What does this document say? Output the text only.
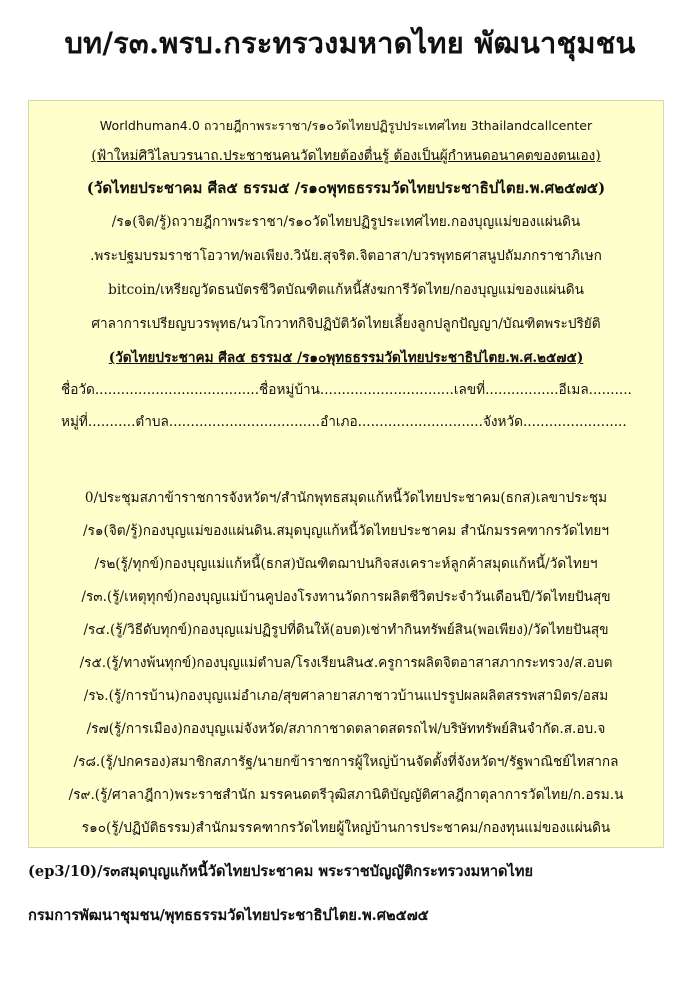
บท/ร๓.พรบ.กระทรวงมหาดไทย พัฒนาชุมชน
Worldhuman4.0 ถวายฎีกาพระราชา/ร๑๐วัดไทยปฏิรูปประเทศไทย 3thailandcallcenter
(ฟ้าใหม่ศิวิไลบวรนาถ.ประชาชนคนวัดไทยต้องตื่นรู้ ต้องเป็นผู้กำหนดอนาคตของตนเอง)
(วัดไทยประชาคม ศีล๕ ธรรม๕ /ร๑๐พุทธธรรมวัดไทยประชาธิปไตย.พ.ศ๒๕๗๕)
/ร๑(จิต/รู้)ถวายฎีกาพระราชา/ร๑๐วัดไทยปฏิรูประเทศไทย.กองบุญแม่ของแผ่นดิน
.พระปฐมบรมราชาโอวาท/พอเพียง.วินัย.สุจริต.จิตอาสา/บวรพุทธศาสนูปถัมภกราชาภิเษก
bitcoin/เหรียญวัดธนบัตรชีวิตบัณฑิตแก้หนี้สังฆการีวัดไทย/กองบุญแม่ของแผ่นดิน
ศาลาการเปรียญบวรพุทธ/นวโกวาทกิจิปฏิบัติวัดไทยเลี้ยงลูกปลูกปัญญา/บัณฑิตพระปริยัติ
(วัดไทยประชาคม ศีล๕ ธรรม๕ /ร๑๐พุทธธรรมวัดไทยประชาธิปไตย.พ.ศ.๒๕๗๕)
ชื่อวัด......................................ชื่อหมู่บ้าน...............................เลขที่.................อีเมล..........
หมู่ที่...........ตำบล...................................อำเภอ.............................จังหวัด........................
0/ประชุมสภาข้าราชการจังหวัดฯ/สำนักพุทธสมุดแก้หนี้วัดไทยประชาคม(ธกส)เลขาประชุม
/ร๑(จิต/รู้)กองบุญแม่ของแผ่นดิน.สมุดบุญแก้หนี้วัดไทยประชาคม สำนักมรรคฑากรวัดไทยฯ
/ร๒(รู้/ทุกข์)กองบุญแม่แก้หนี้(ธกส)บัณฑิตฌาปนกิจสงเคราะห์ลูกค้าสมุดแก้หนี้/วัดไทยฯ
/ร๓.(รู้/เหตุทุกข์)กองบุญแม่บ้านคูปองโรงทานวัดการผลิตชีวิตประจำวันเดือนปี/วัดไทยปันสุข
/ร๔.(รู้/วิธีดับทุกข์)กองบุญแม่ปฏิรูปที่ดินให้(อบต)เช่าทำกินทรัพย์สิน(พอเพียง)/วัดไทยปันสุข
/ร๕.(รู้/ทางพ้นทุกข์)กองบุญแม่ตำบล/โรงเรียนสิน๕.ครูการผลิตจิตอาสาสภากระทรวง/ส.อบต
/ร๖.(รู้/การบ้าน)กองบุญแม่อำเภอ/สุขศาลายาสภาชาวบ้านแปรรูปผลผลิตสรรพสามิตร/อสม
/ร๗(รู้/การเมือง)กองบุญแม่จังหวัด/สภากาชาดตลาดสดรถไฟ/บริษัททรัพย์สินจำกัด.ส.อบ.จ
/ร๘.(รู้/ปกครอง)สมาชิกสภารัฐ/นายกข้าราชการผู้ใหญ่บ้านจัดตั้งที่จังหวัดฯ/รัฐพาณิชย์ไทสากล
/ร๙.(รู้/ศาลาฎีกา)พระราชสำนัก มรรคนดตรีวุฒิสภานิติบัญญัติศาลฎีกาตุลาการวัดไทย/ก.อรม.น
ร๑๐(รู้/ปฏิบัติธรรม)สำนักมรรคฑากรวัดไทยผู้ใหญ่บ้านการประชาคม/กองทุนแม่ของแผ่นดิน
(ep3/10)/ร๓สมุดบุญแก้หนี้วัดไทยประชาคม พระราชบัญญัติกระทรวงมหาดไทย
กรมการพัฒนาชุมชน/พุทธธรรมวัดไทยประชาธิปไตย.พ.ศ๒๕๗๕
